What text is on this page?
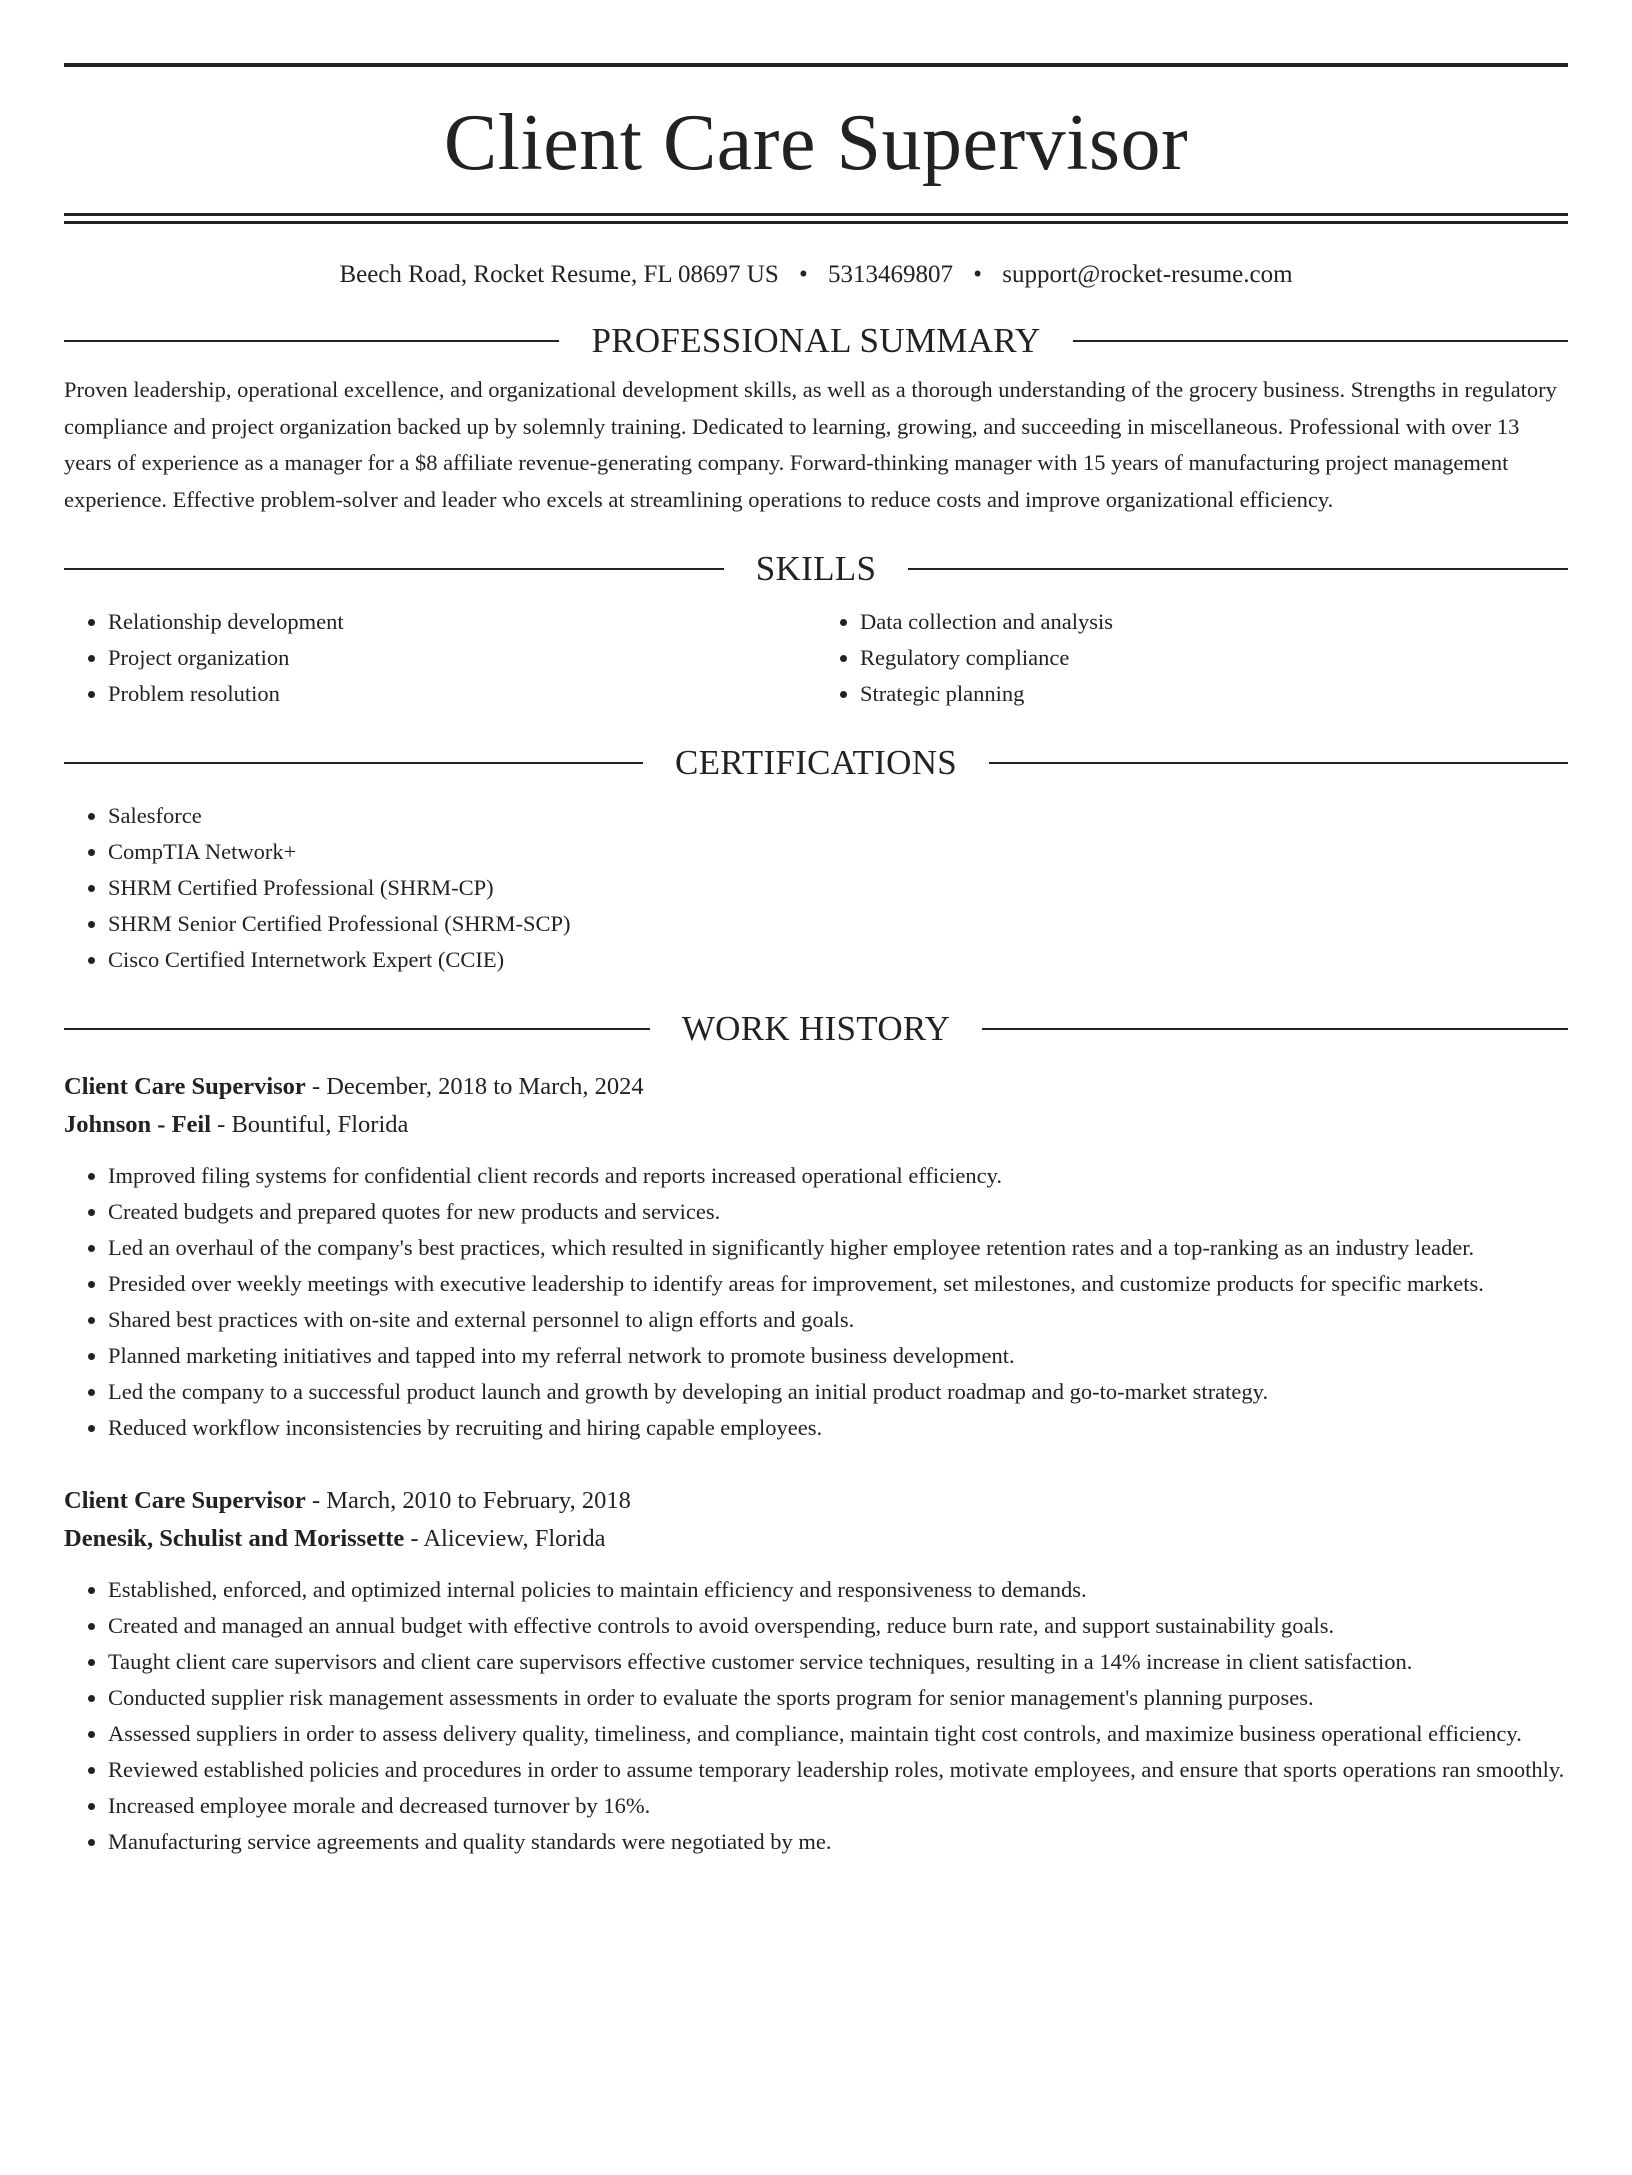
Client Care Supervisor
Beech Road, Rocket Resume, FL 08697 US • 5313469807 • support@rocket-resume.com
PROFESSIONAL SUMMARY
Proven leadership, operational excellence, and organizational development skills, as well as a thorough understanding of the grocery business. Strengths in regulatory compliance and project organization backed up by solemnly training. Dedicated to learning, growing, and succeeding in miscellaneous. Professional with over 13 years of experience as a manager for a $8 affiliate revenue-generating company. Forward-thinking manager with 15 years of manufacturing project management experience. Effective problem-solver and leader who excels at streamlining operations to reduce costs and improve organizational efficiency.
SKILLS
• Relationship development
• Project organization
• Problem resolution
• Data collection and analysis
• Regulatory compliance
• Strategic planning
CERTIFICATIONS
• Salesforce
• CompTIA Network+
• SHRM Certified Professional (SHRM-CP)
• SHRM Senior Certified Professional (SHRM-SCP)
• Cisco Certified Internetwork Expert (CCIE)
WORK HISTORY
Client Care Supervisor - December, 2018 to March, 2024
Johnson - Feil - Bountiful, Florida
• Improved filing systems for confidential client records and reports increased operational efficiency.
• Created budgets and prepared quotes for new products and services.
• Led an overhaul of the company's best practices, which resulted in significantly higher employee retention rates and a top-ranking as an industry leader.
• Presided over weekly meetings with executive leadership to identify areas for improvement, set milestones, and customize products for specific markets.
• Shared best practices with on-site and external personnel to align efforts and goals.
• Planned marketing initiatives and tapped into my referral network to promote business development.
• Led the company to a successful product launch and growth by developing an initial product roadmap and go-to-market strategy.
• Reduced workflow inconsistencies by recruiting and hiring capable employees.
Client Care Supervisor - March, 2010 to February, 2018
Denesik, Schulist and Morissette - Aliceview, Florida
• Established, enforced, and optimized internal policies to maintain efficiency and responsiveness to demands.
• Created and managed an annual budget with effective controls to avoid overspending, reduce burn rate, and support sustainability goals.
• Taught client care supervisors and client care supervisors effective customer service techniques, resulting in a 14% increase in client satisfaction.
• Conducted supplier risk management assessments in order to evaluate the sports program for senior management's planning purposes.
• Assessed suppliers in order to assess delivery quality, timeliness, and compliance, maintain tight cost controls, and maximize business operational efficiency.
• Reviewed established policies and procedures in order to assume temporary leadership roles, motivate employees, and ensure that sports operations ran smoothly.
• Increased employee morale and decreased turnover by 16%.
• Manufacturing service agreements and quality standards were negotiated by me.
